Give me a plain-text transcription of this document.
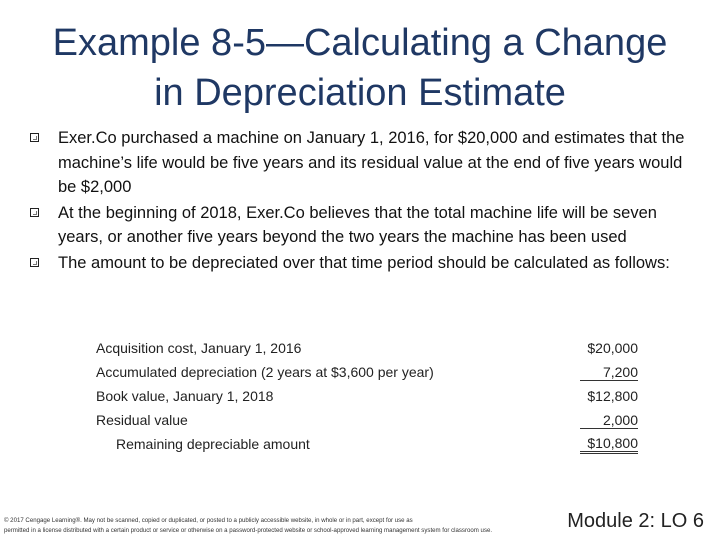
Example 8-5—Calculating a Change
in Depreciation Estimate
Exer.Co purchased a machine on January 1, 2016, for $20,000 and estimates that the machine’s life would be five years and its residual value at the end of five years would be $2,000
At the beginning of 2018, Exer.Co believes that the total machine life will be seven years, or another five years beyond the two years the machine has been used
The amount to be depreciated over that time period should be calculated as follows:
Acquisition cost, January 1, 2016	$20,000
Accumulated depreciation (2 years at $3,600 per year)	7,200
Book value, January 1, 2018	$12,800
Residual value	2,000
Remaining depreciable amount	$10,800
© 2017 Cengage Learning®. May not be scanned, copied or duplicated, or posted to a publicly accessible website, in whole or in part, except for use as
permitted in a license distributed with a certain product or service or otherwise on a password-protected website or school-approved learning management system for classroom use.	Module 2: LO 6
